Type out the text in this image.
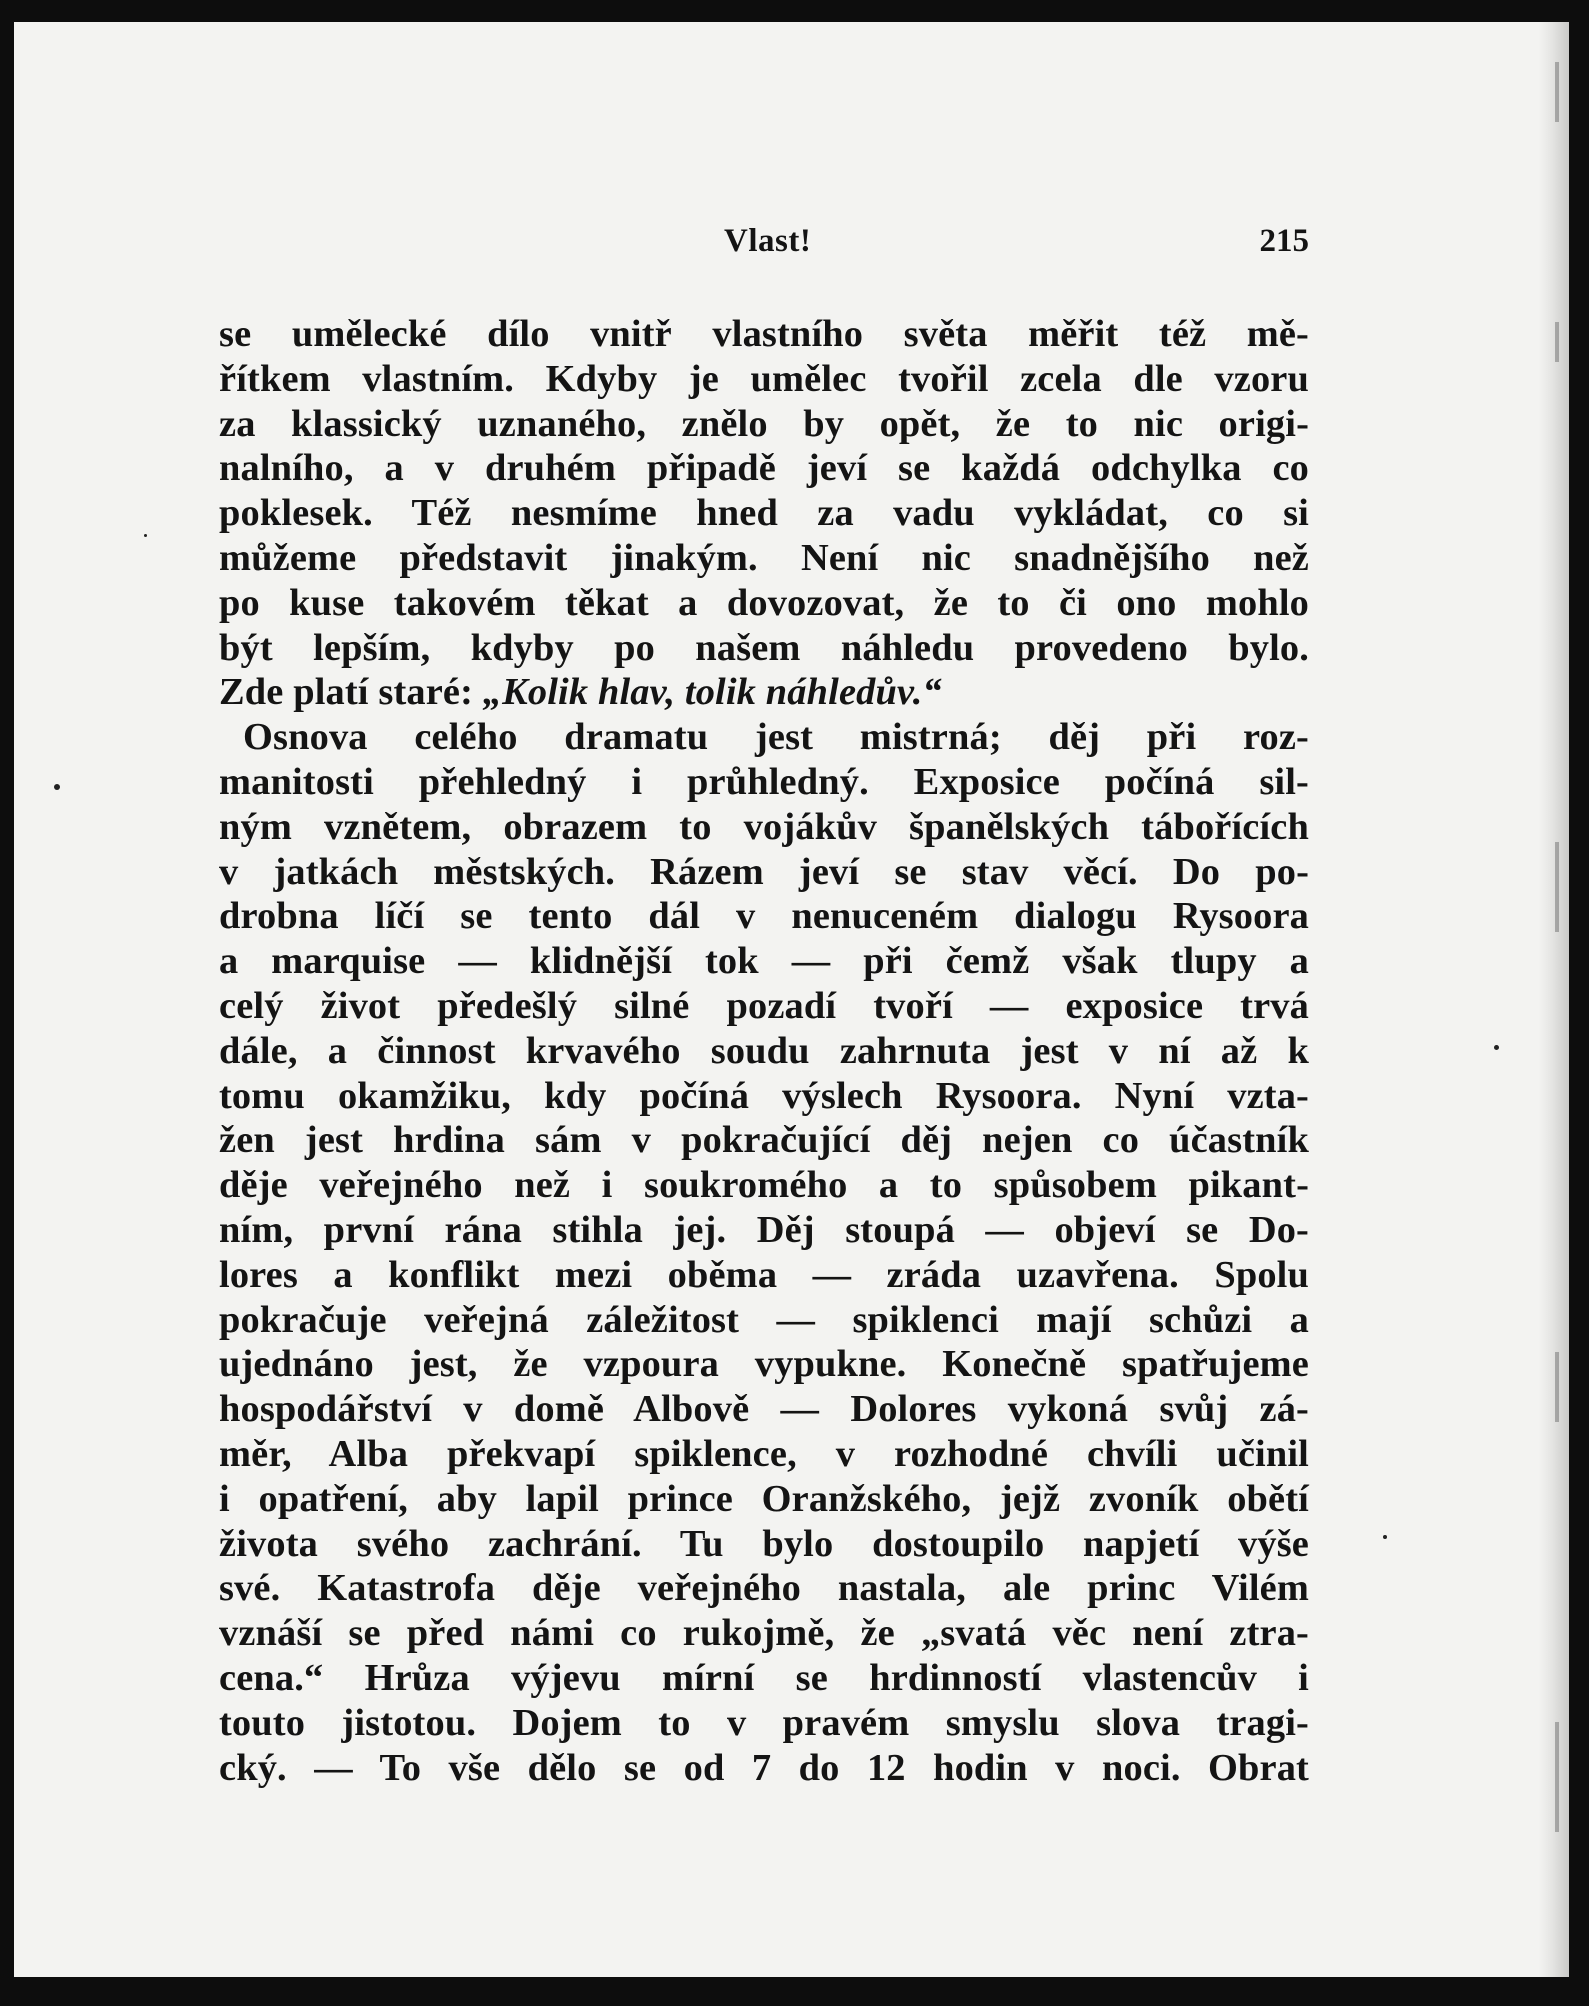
Vlast!	215
se umělecké dílo vnitř vlastního světa měřit též mě-
řítkem vlastním. Kdyby je umělec tvořil zcela dle vzoru
za klassický uznaného, znělo by opět, že to nic origi-
nalního, a v druhém připadě jeví se každá odchylka co
poklesek. Též nesmíme hned za vadu vykládat, co si
můžeme představit jinakým. Není nic snadnějšího než
po kuse takovém těkat a dovozovat, že to či ono mohlo
být lepším, kdyby po našem náhledu provedeno bylo.
Zde platí staré: „Kolik hlav, tolik náhledův.“
Osnova celého dramatu jest mistrná; děj při roz-
manitosti přehledný i průhledný. Exposice počíná sil-
ným vznětem, obrazem to vojákův španělských tábořících
v jatkách městských. Rázem jeví se stav věcí. Do po-
drobna líčí se tento dál v nenuceném dialogu Rysoora
a marquise — klidnější tok — při čemž však tlupy a
celý život předešlý silné pozadí tvoří — exposice trvá
dále, a činnost krvavého soudu zahrnuta jest v ní až k
tomu okamžiku, kdy počíná výslech Rysoora. Nyní vzta-
žen jest hrdina sám v pokračující děj nejen co účastník
děje veřejného než i soukromého a to spůsobem pikant-
ním, první rána stihla jej. Děj stoupá — objeví se Do-
lores a konflikt mezi oběma — zráda uzavřena. Spolu
pokračuje veřejná záležitost — spiklenci mají schůzi a
ujednáno jest, že vzpoura vypukne. Konečně spatřujeme
hospodářství v domě Albově — Dolores vykoná svůj zá-
měr, Alba překvapí spiklence, v rozhodné chvíli učinil
i opatření, aby lapil prince Oranžského, jejž zvoník obětí
života svého zachrání. Tu bylo dostoupilo napjetí výše
své. Katastrofa děje veřejného nastala, ale princ Vilém
vznáší se před námi co rukojmě, že „svatá věc není ztra-
cena.“ Hrůza výjevu mírní se hrdinností vlastencův i
touto jistotou. Dojem to v pravém smyslu slova tragi-
cký. — To vše dělo se od 7 do 12 hodin v noci. Obrat
